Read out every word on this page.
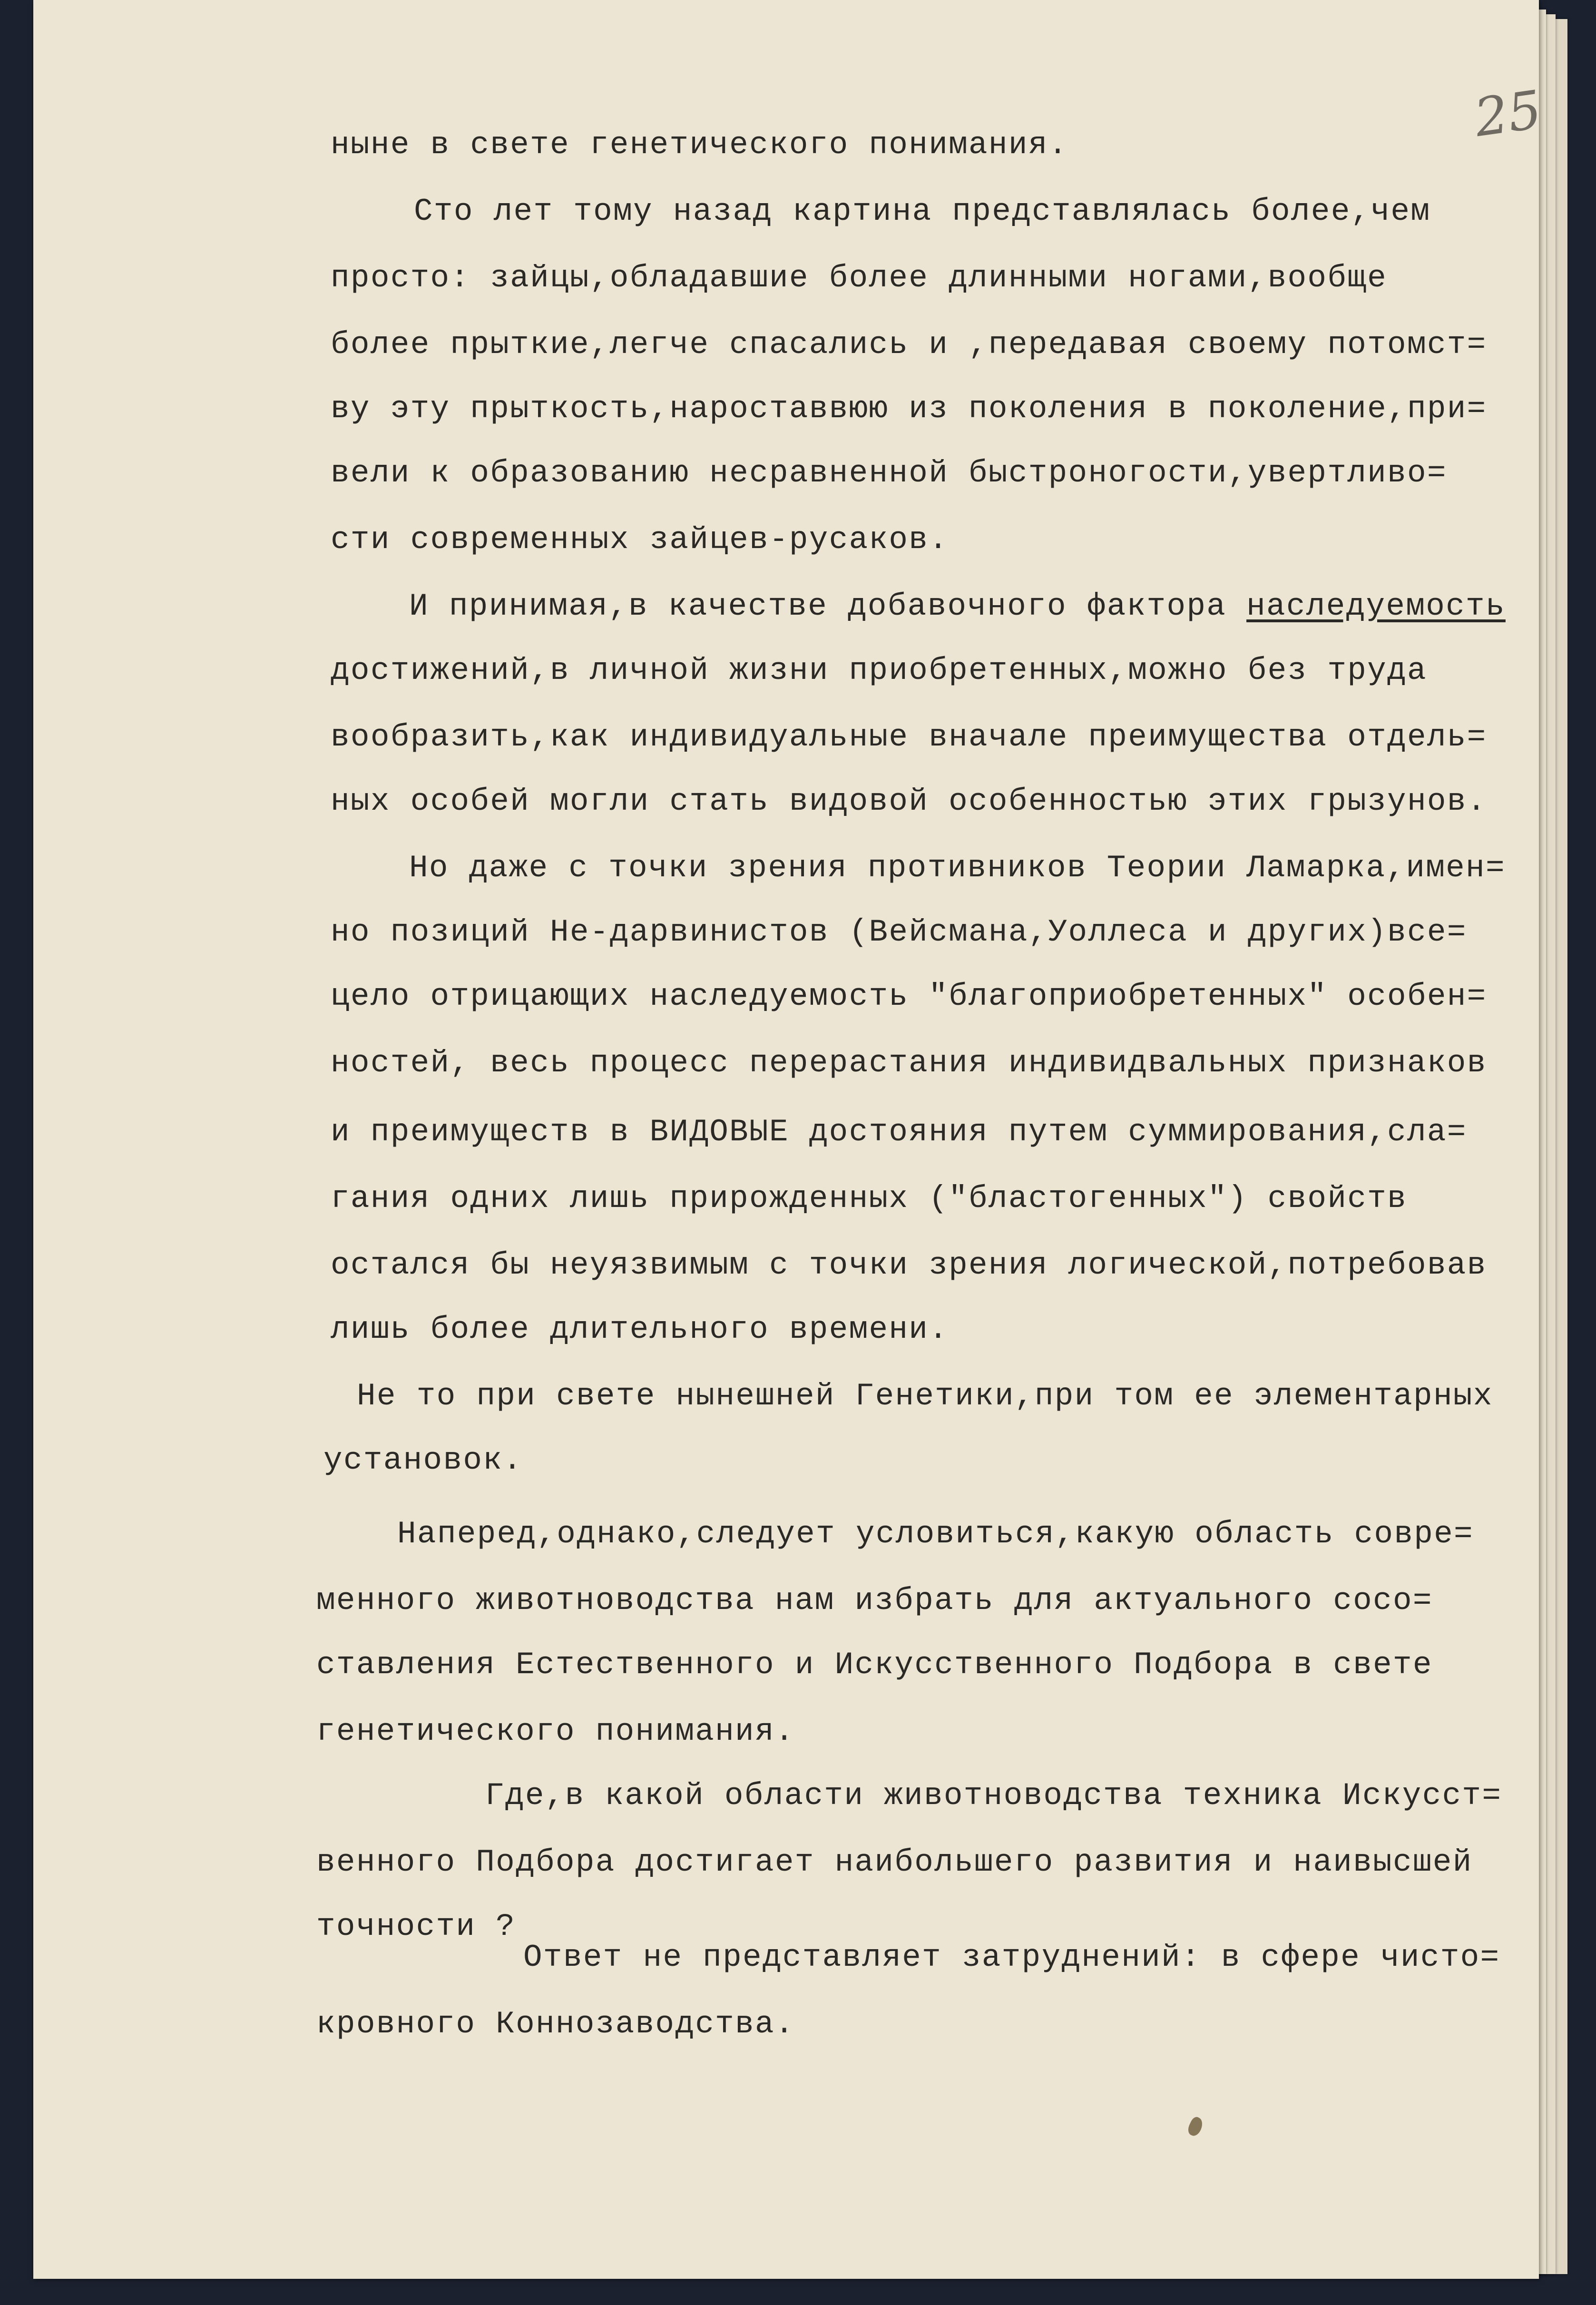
25

ныне в свете генетического понимания.

Сто лет тому назад картина представлялась более,чем

просто: зайцы,обладавшие более длинными ногами,вообще

более прыткие,легче спасались и ,передавая своему потомст=

ву эту прыткость,нароставвюю из поколения в поколение,при=

вели к образованию несравненной быстроногости,увертливо=

сти современных зайцев-русаков.

И принимая,в качестве добавочного фактора наследуемость

достижений,в личной жизни приобретенных,можно без труда

вообразить,как индивидуальные вначале преимущества отдель=

ных особей могли стать видовой особенностью этих грызунов.

Но даже с точки зрения противников Теории Ламарка,имен=

но позиций Не-дарвинистов (Вейсмана,Уоллеса и других)все=

цело отрицающих наследуемость "благоприобретенных" особен=

ностей, весь процесс перерастания индивидвальных признаков

и преимуществ в ВИДОВЫЕ достояния путем суммирования,сла=

гания одних лишь прирожденных ("бластогенных") свойств

остался бы неуязвимым с точки зрения логической,потребовав

лишь более длительного времени.

Не то при свете нынешней Генетики,при том ее элементарных

установок.

Наперед,однако,следует условиться,какую область совре=

менного животноводства нам избрать для актуального сосо=

ставления Естественного и Искусственного Подбора в свете

генетического понимания.

Где,в какой области животноводства техника Искусст=

венного Подбора достигает наибольшего развития и наивысшей

точности ?

Ответ не представляет затруднений: в сфере чисто=

кровного Коннозаводства.
